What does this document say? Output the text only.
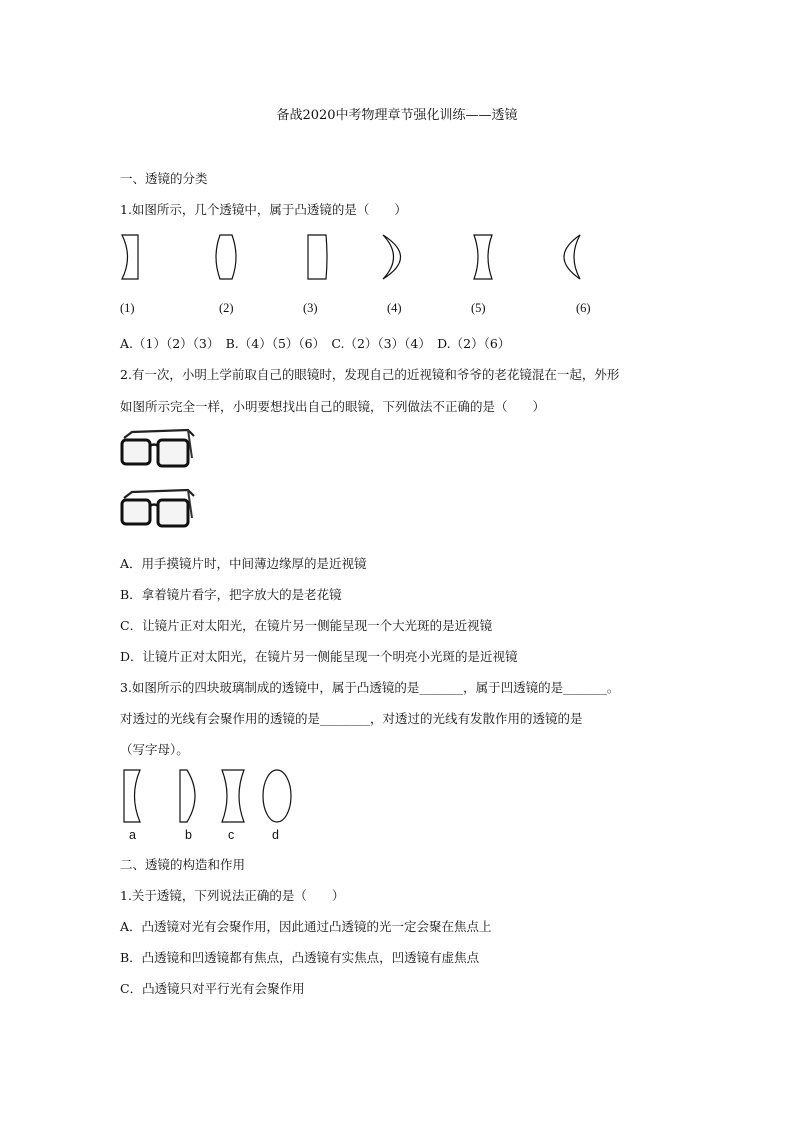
备战2020中考物理章节强化训练——透镜
一、透镜的分类
1.如图所示，几个透镜中，属于凸透镜的是（　　）
(1)	(2)	(3)	(4)	(5)	(6)
A.（1）（2）（3）　B.（4）（5）（6）　C.（2）（3）（4）　D.（2）（6）
2.有一次，小明上学前取自己的眼镜时，发现自己的近视镜和爷爷的老花镜混在一起，外形
如图所示完全一样，小明要想找出自己的眼镜，下列做法不正确的是（　　）
A．用手摸镜片时，中间薄边缘厚的是近视镜
B．拿着镜片看字，把字放大的是老花镜
C．让镜片正对太阳光，在镜片另一侧能呈现一个大光斑的是近视镜
D．让镜片正对太阳光，在镜片另一侧能呈现一个明亮小光斑的是近视镜
3.如图所示的四块玻璃制成的透镜中，属于凸透镜的是_______，属于凹透镜的是_______。
对透过的光线有会聚作用的透镜的是________，对透过的光线有发散作用的透镜的是
（写字母）。
a	b	c	d
二、透镜的构造和作用
1.关于透镜，下列说法正确的是（　　）
A．凸透镜对光有会聚作用，因此通过凸透镜的光一定会聚在焦点上
B．凸透镜和凹透镜都有焦点，凸透镜有实焦点，凹透镜有虚焦点
C．凸透镜只对平行光有会聚作用
